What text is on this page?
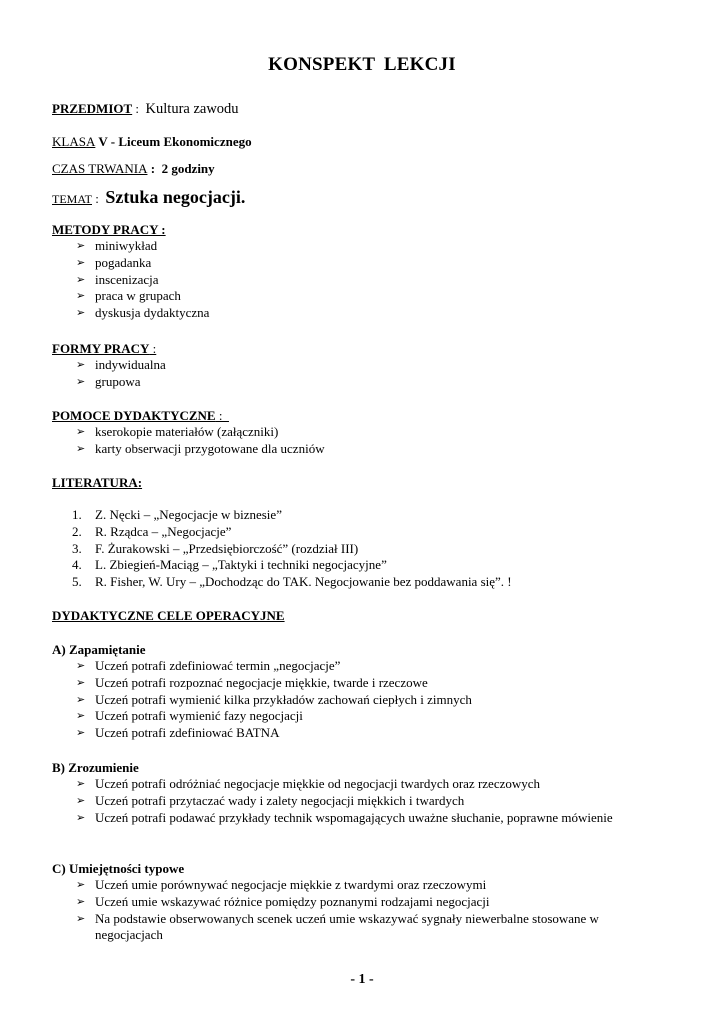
KONSPEKT LEKCJI
PRZEDMIOT :  Kultura zawodu
KLASA V - Liceum Ekonomicznego
CZAS TRWANIA :  2 godziny
TEMAT :  Sztuka negocjacji.
METODY PRACY :
➢ miniwykład
➢ pogadanka
➢ inscenizacja
➢ praca w grupach
➢ dyskusja dydaktyczna
FORMY PRACY :
➢ indywidualna
➢ grupowa
POMOCE DYDAKTYCZNE :
➢ kserokopie materiałów (załączniki)
➢ karty obserwacji przygotowane dla uczniów
LITERATURA:
1. Z. Nęcki – „Negocjacje w biznesie”
2. R. Rządca – „Negocjacje”
3. F. Żurakowski – „Przedsiębiorczość” (rozdział III)
4. L. Zbiegień-Maciąg – „Taktyki i techniki negocjacyjne”
5. R. Fisher, W. Ury – „Dochodząc do TAK. Negocjowanie bez poddawania się”. !
DYDAKTYCZNE CELE OPERACYJNE
A) Zapamiętanie
➢ Uczeń potrafi zdefiniować termin „negocjacje”
➢ Uczeń potrafi rozpoznać negocjacje miękkie, twarde i rzeczowe
➢ Uczeń potrafi wymienić kilka przykładów zachowań ciepłych i zimnych
➢ Uczeń potrafi wymienić fazy negocjacji
➢ Uczeń potrafi zdefiniować BATNA
B) Zrozumienie
➢ Uczeń potrafi odróżniać negocjacje miękkie od negocjacji twardych oraz rzeczowych
➢ Uczeń potrafi przytaczać wady i zalety negocjacji miękkich i twardych
➢ Uczeń potrafi podawać przykłady technik wspomagających uważne słuchanie, poprawne mówienie
C) Umiejętności typowe
➢ Uczeń umie porównywać negocjacje miękkie z twardymi oraz rzeczowymi
➢ Uczeń umie wskazywać różnice pomiędzy poznanymi rodzajami negocjacji
➢ Na podstawie obserwowanych scenek uczeń umie wskazywać sygnały niewerbalne stosowane w negocjacjach
- 1 -
